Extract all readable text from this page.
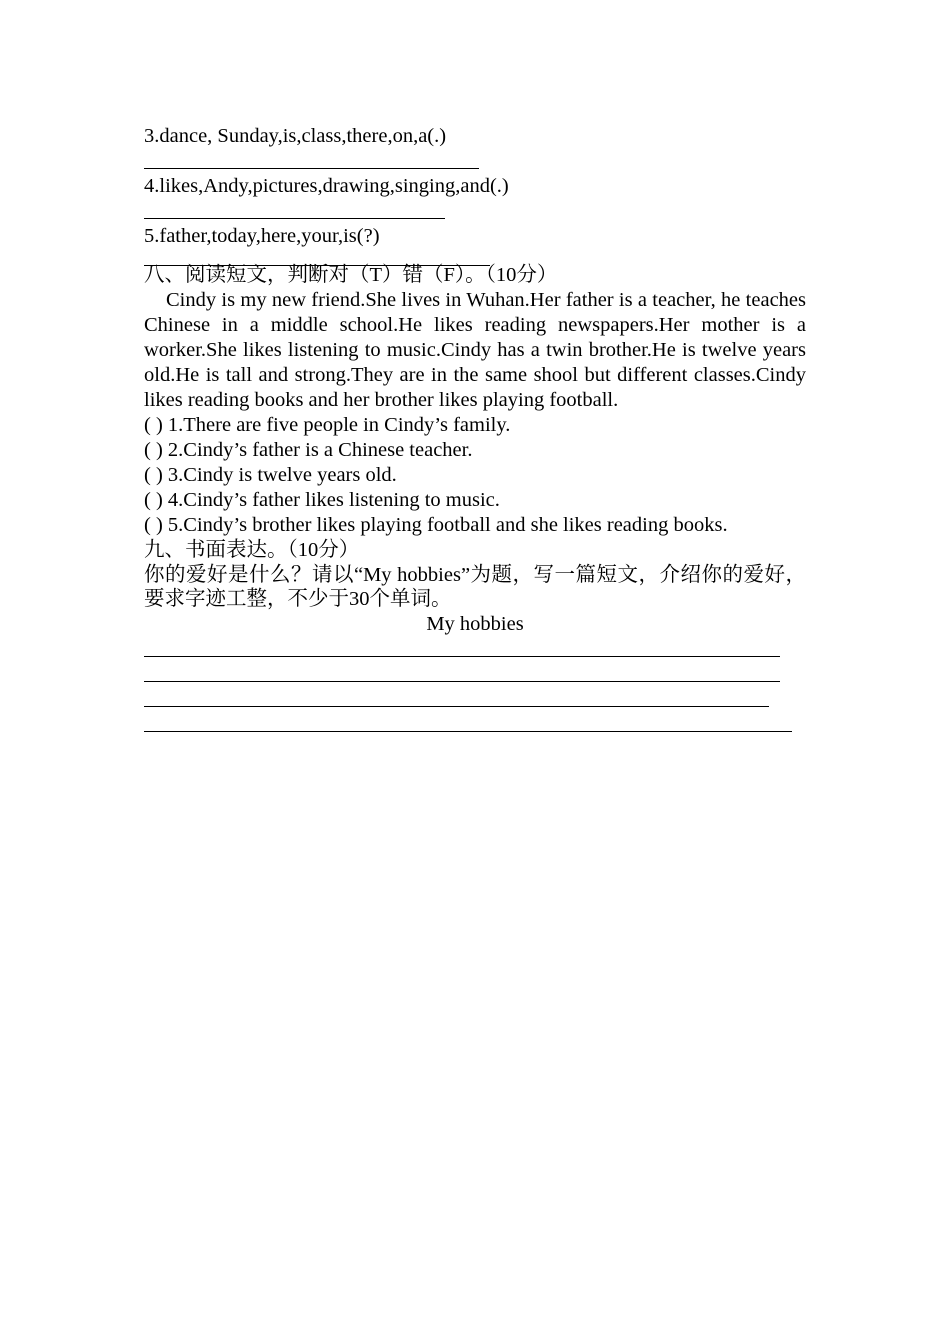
3.dance, Sunday,is,class,there,on,a(.)
4.likes,Andy,pictures,drawing,singing,and(.)
5.father,today,here,your,is(?)
八、阅读短文，判断对（T）错（F）。（10分）
Cindy is my new friend.She lives in Wuhan.Her father is a teacher, he teaches Chinese in a middle school.He likes reading newspapers.Her mother is a worker.She likes listening to music.Cindy has a twin brother.He is twelve years old.He is tall and strong.They are in the same shool but different classes.Cindy likes reading books and her brother likes playing football.
( ) 1.There are five people in Cindy’s family.
( ) 2.Cindy’s father is a Chinese teacher.
( ) 3.Cindy is twelve years old.
( ) 4.Cindy’s father likes listening to music.
( ) 5.Cindy’s brother likes playing football and she likes reading books.
九、书面表达。（10分）
你的爱好是什么？请以“My hobbies”为题，写一篇短文，介绍你的爱好，要求字迹工整，不少于30个单词。
My hobbies
